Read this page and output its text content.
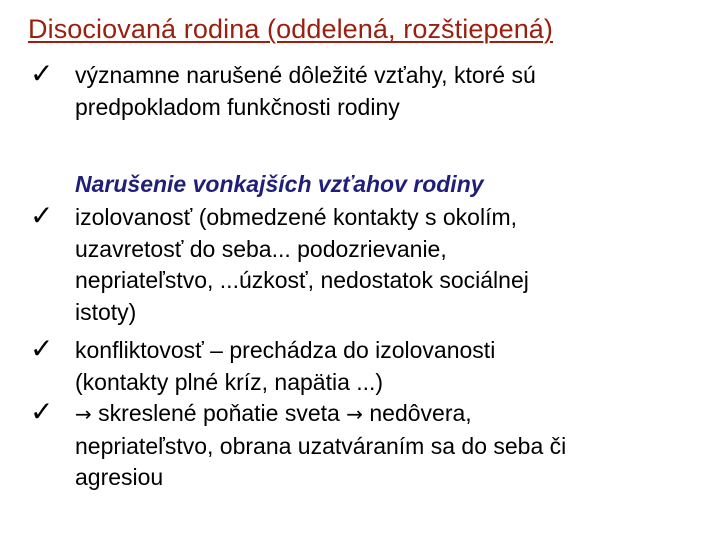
Disociovaná rodina (oddelená, rozštiepená)
✓ významne narušené dôležité vzťahy, ktoré sú
predpokladom funkčnosti rodiny
Narušenie vonkajších vzťahov rodiny
✓ izolovanosť (obmedzené kontakty s okolím,
uzavretosť do seba... podozrievanie,
nepriateľstvo, ...úzkosť, nedostatok sociálnej
istoty)
✓ konfliktovosť – prechádza do izolovanosti
(kontakty plné kríz, napätia ...)
✓ → skreslené poňatie sveta → nedôvera,
nepriateľstvo, obrana uzatváraním sa do seba či
agresiou
